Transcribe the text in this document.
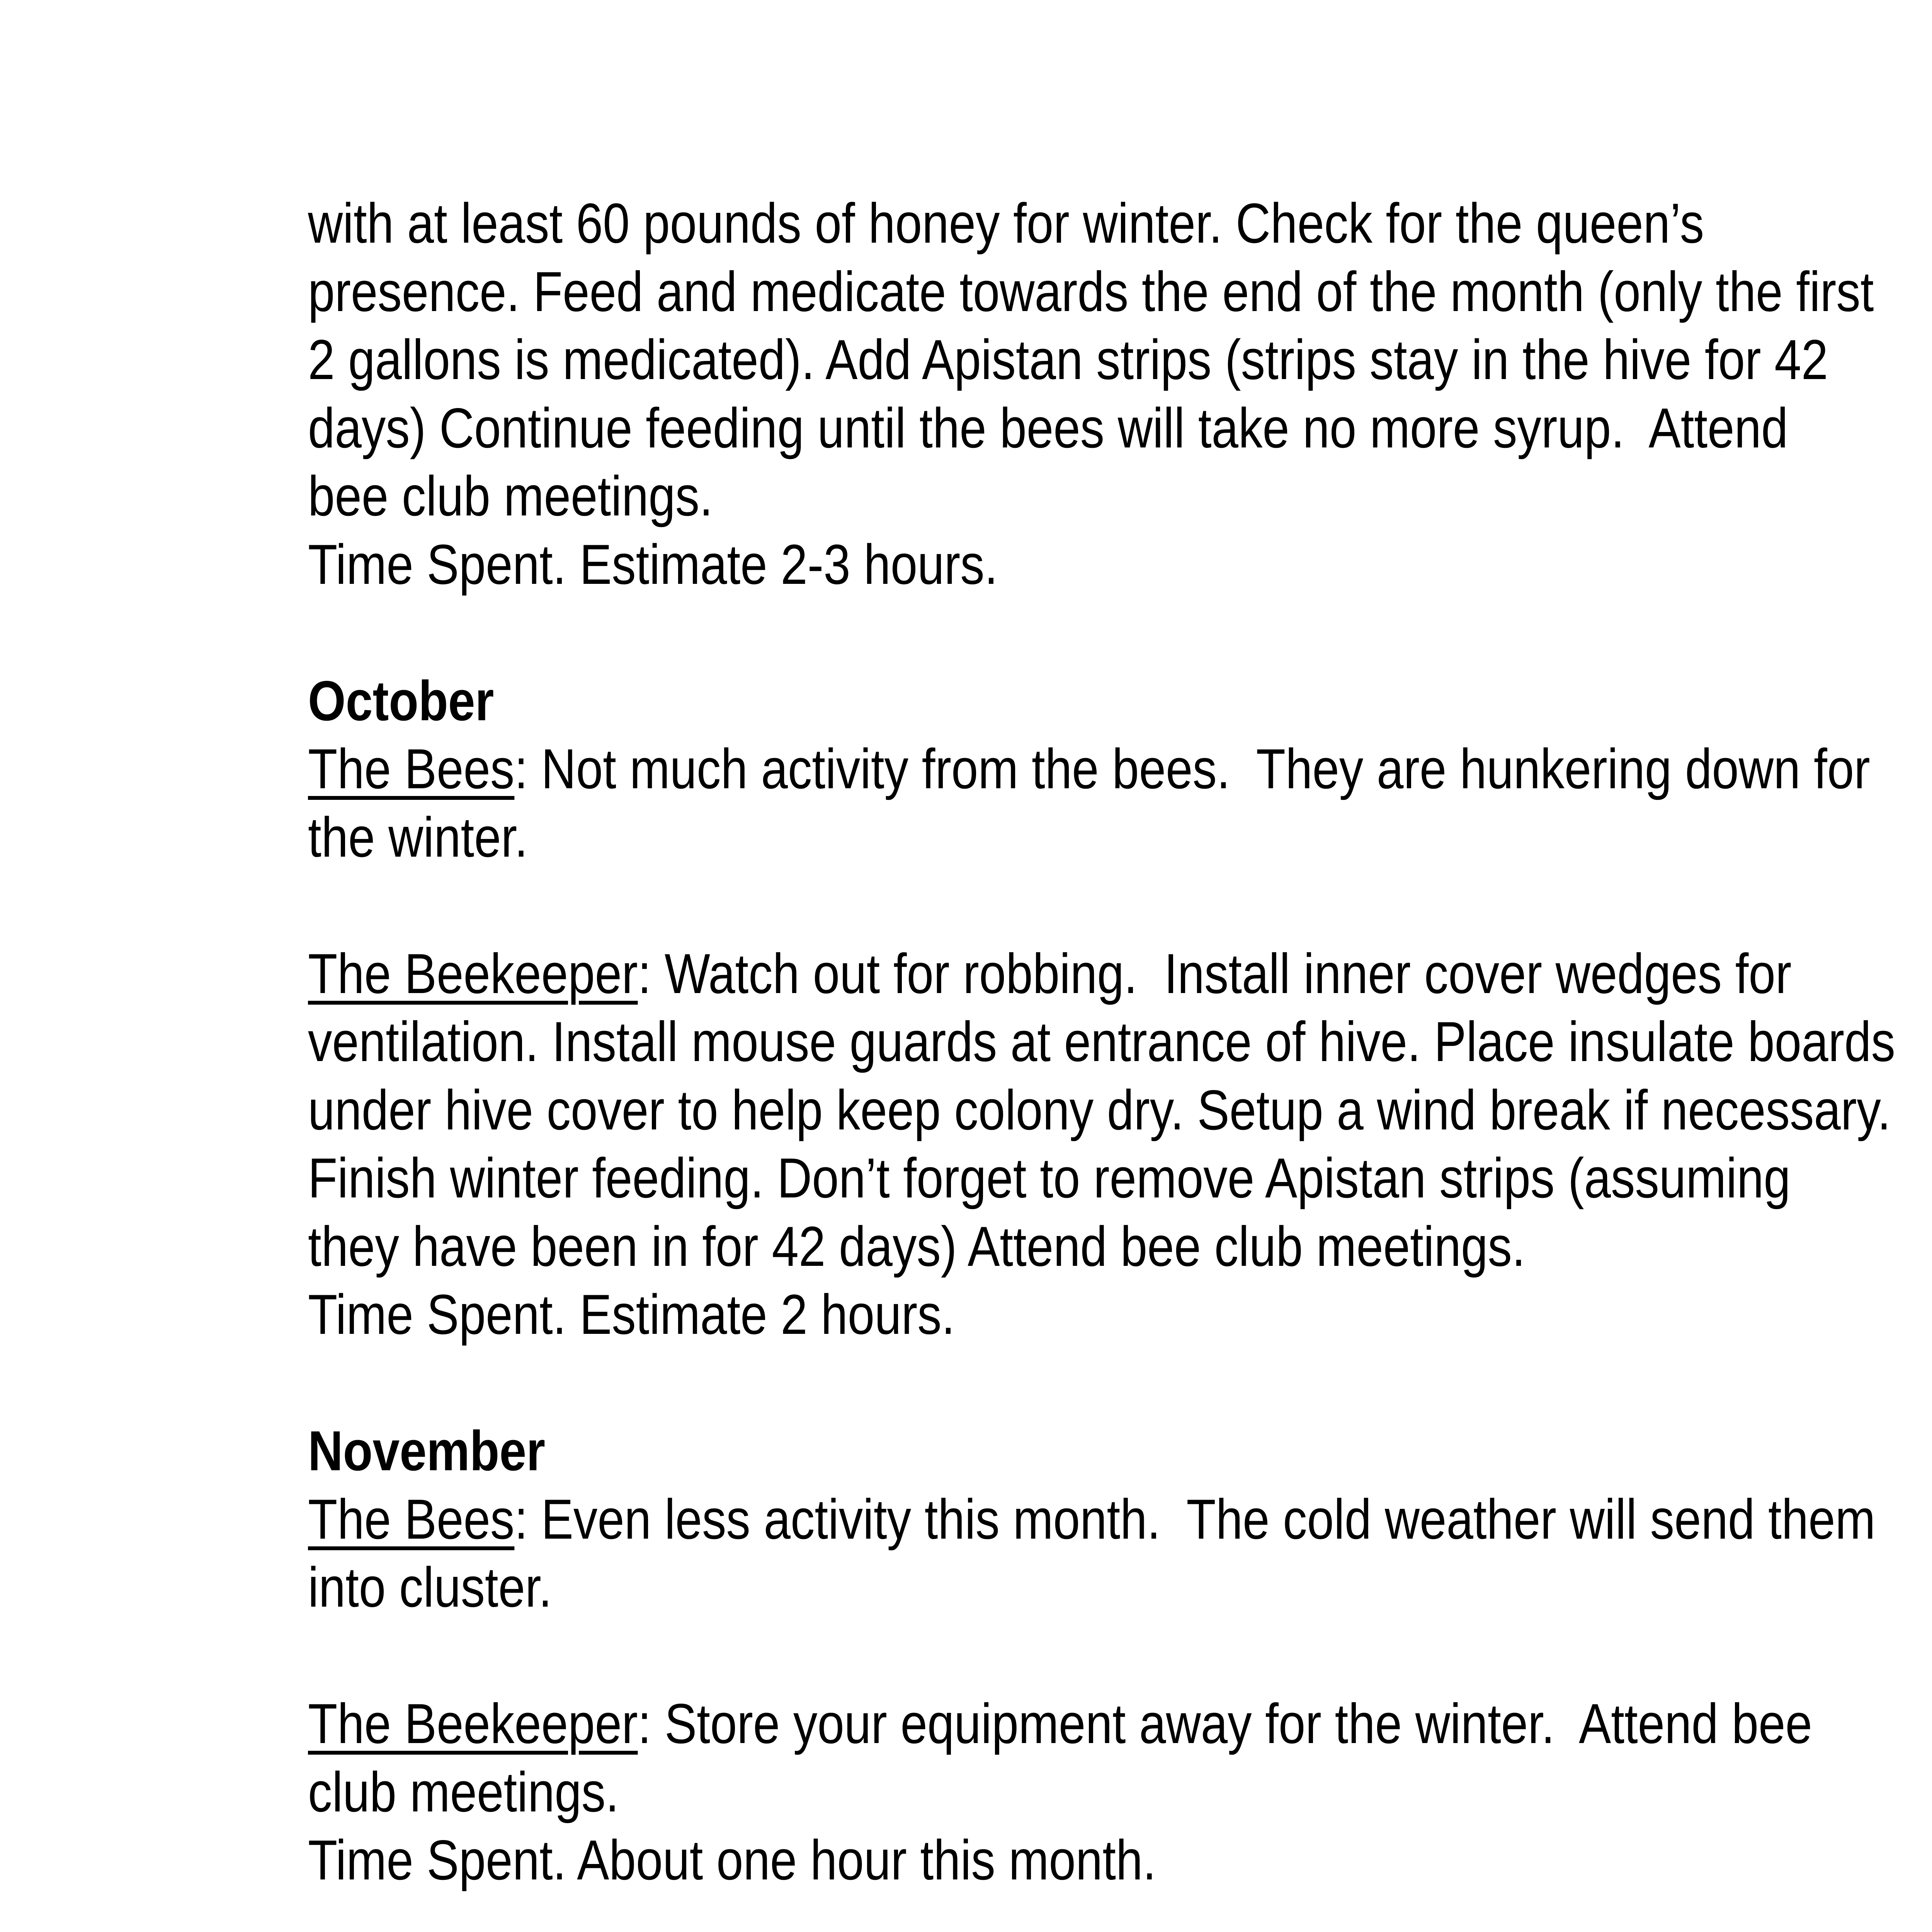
with at least 60 pounds of honey for winter. Check for the queen’s
presence. Feed and medicate towards the end of the month (only the first
2 gallons is medicated). Add Apistan strips (strips stay in the hive for 42
days) Continue feeding until the bees will take no more syrup.  Attend
bee club meetings.
Time Spent. Estimate 2-3 hours.
October
The Bees: Not much activity from the bees.  They are hunkering down for
the winter.
The Beekeeper: Watch out for robbing.  Install inner cover wedges for
ventilation. Install mouse guards at entrance of hive. Place insulate boards
under hive cover to help keep colony dry. Setup a wind break if necessary.
Finish winter feeding. Don’t forget to remove Apistan strips (assuming
they have been in for 42 days) Attend bee club meetings.
Time Spent. Estimate 2 hours.
November
The Bees: Even less activity this month.  The cold weather will send them
into cluster.
The Beekeeper: Store your equipment away for the winter.  Attend bee
club meetings.
Time Spent. About one hour this month.
